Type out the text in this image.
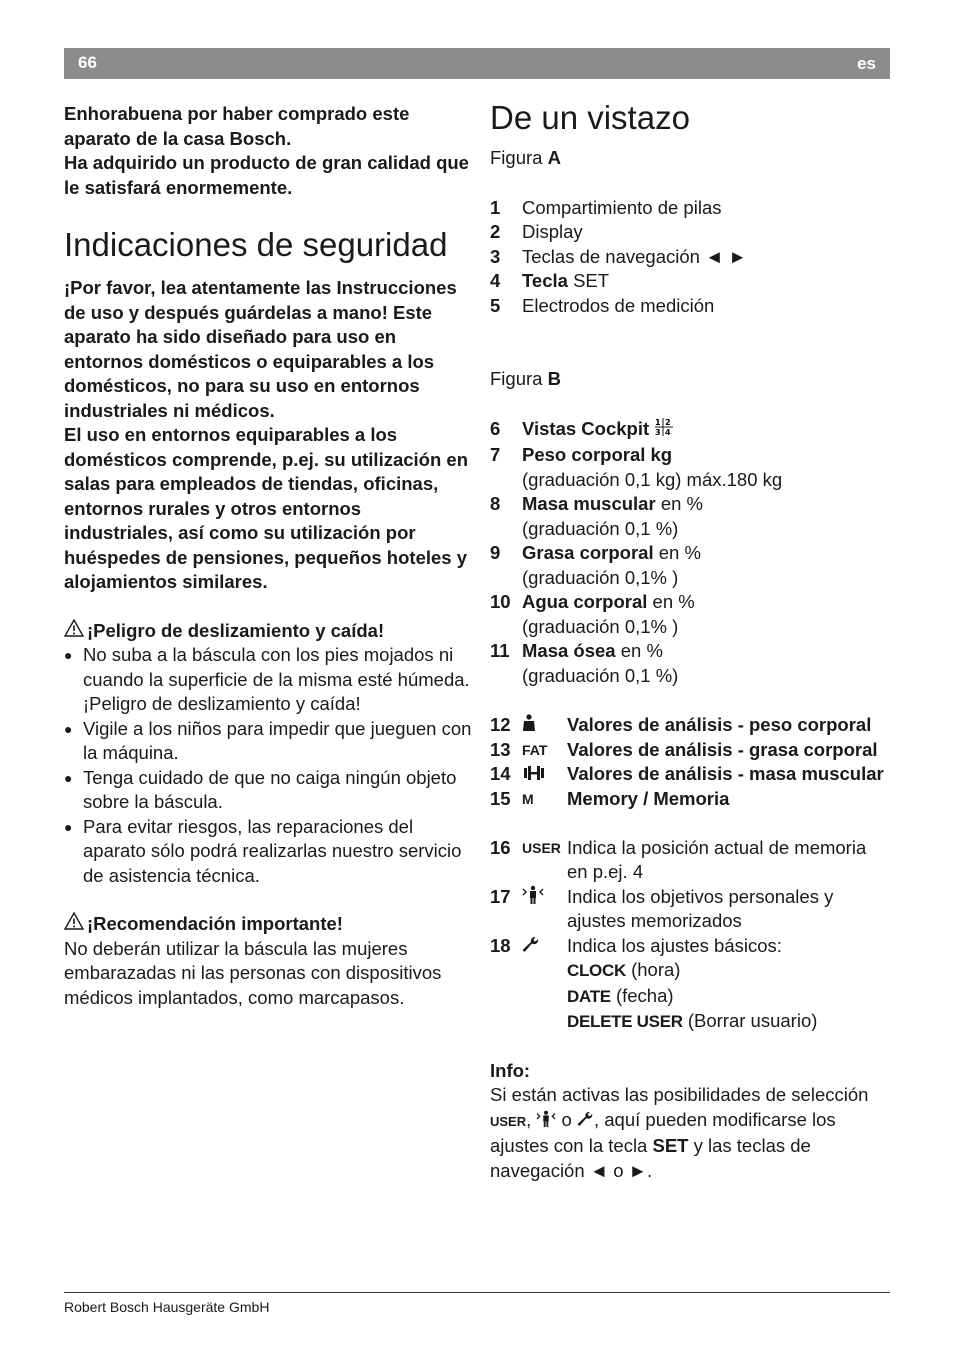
66	es

Enhorabuena por haber comprado este aparato de la casa Bosch.

Ha adquirido un producto de gran calidad que le satisfará enormemente.

Indicaciones de seguridad

¡Por favor, lea atentamente las Instrucciones de uso y después guárdelas a mano! Este aparato ha sido diseñado para uso en entornos domésticos o equiparables a los domésticos, no para su uso en entornos industriales ni médicos.

El uso en entornos equiparables a los domésticos comprende, p.ej. su utilización en salas para empleados de tiendas, oficinas, entornos rurales y otros entornos industriales, así como su utilización por huéspedes de pensiones, pequeños hoteles y alojamientos similares.

¡Peligro de deslizamiento y caída!

● No suba a la báscula con los pies mojados ni cuando la superficie de la misma esté húmeda. ¡Peligro de deslizamiento y caída!
● Vigile a los niños para impedir que jueguen con la máquina.
● Tenga cuidado de que no caiga ningún objeto sobre la báscula.
● Para evitar riesgos, las reparaciones del aparato sólo podrá realizarlas nuestro servicio de asistencia técnica.

¡Recomendación importante!

No deberán utilizar la báscula las mujeres embarazadas ni las personas con dispositivos médicos implantados, como marcapasos.

De un vistazo

Figura A

1	Compartimiento de pilas
2	Display
3	Teclas de navegación ◄ ►
4	Tecla SET
5	Electrodos de medición

Figura B

6	Vistas Cockpit 1 2
3 4
7	Peso corporal kg
(graduación 0,1 kg) máx.180 kg
8	Masa muscular en %
(graduación 0,1 %)
9	Grasa corporal en %
(graduación 0,1% )
10 Agua corporal en %
(graduación 0,1% )
11 Masa ósea en %
(graduación 0,1 %)
12	Valores de análisis - peso corporal
13 FAT	Valores de análisis - grasa corporal
14	Valores de análisis - masa muscular
15 M	Memory / Memoria
16 USER Indica la posición actual de memoria en p.ej. 4
17	Indica los objetivos personales y ajustes memorizados
18	Indica los ajustes básicos:
CLOCK (hora)
DATE (fecha)
DELETE USER (Borrar usuario)

Info:

Si están activas las posibilidades de selección USER,  o , aquí pueden modificarse los ajustes con la tecla SET y las teclas de navegación ◄ o ►.

Robert Bosch Hausgeräte GmbH
